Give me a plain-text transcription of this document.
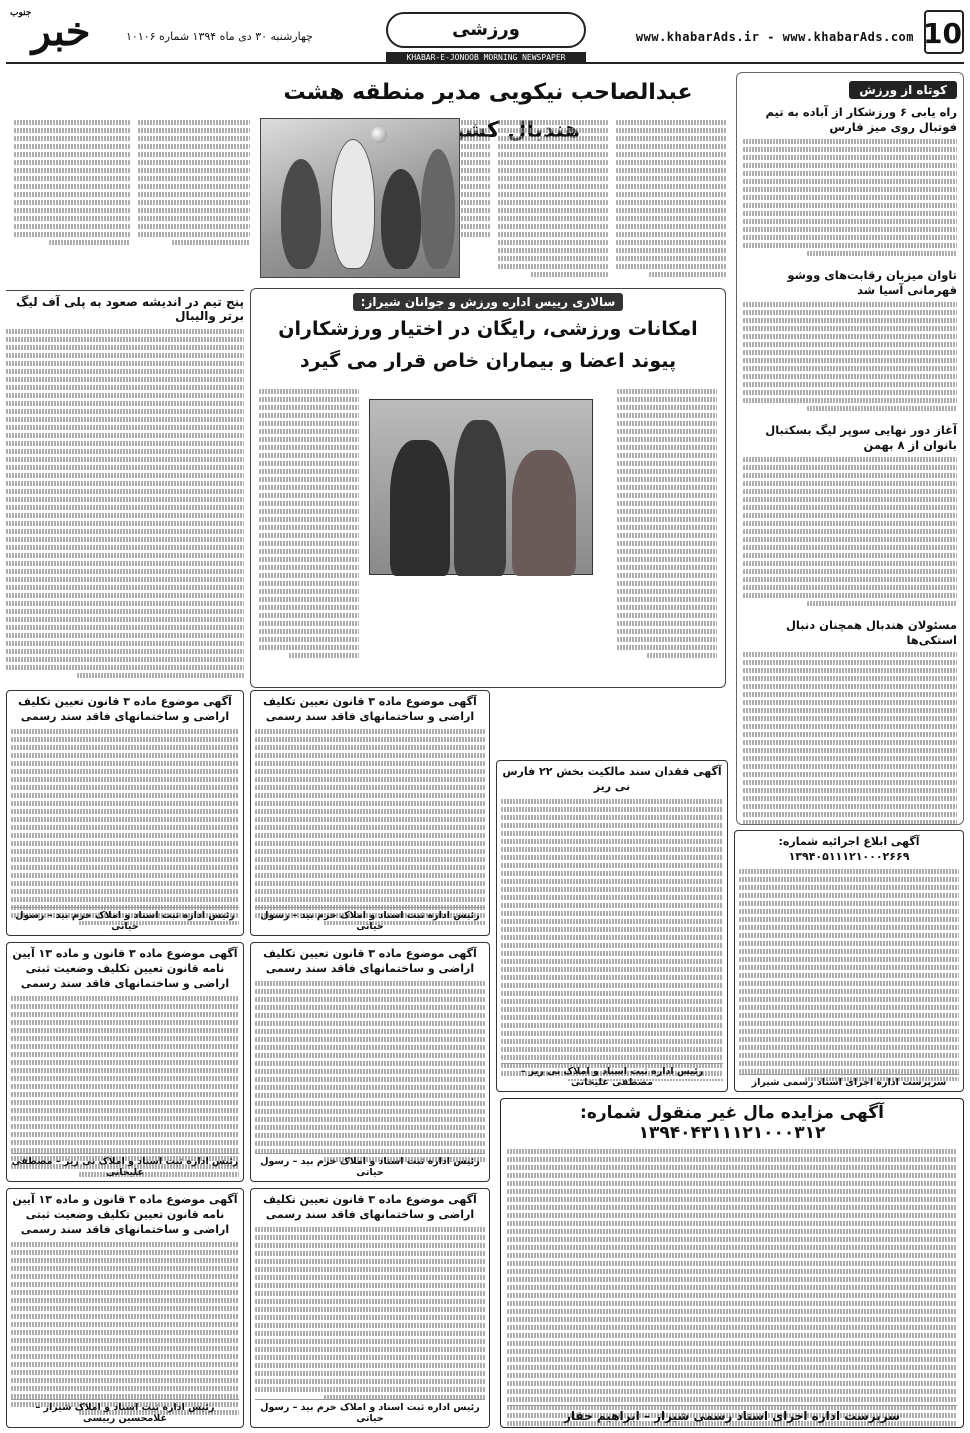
10
www.khabarAds.ir - www.khabarAds.com
ورزشی
KHABAR-E-JONOOB MORNING NEWSPAPER
چهارشنبه ۳۰ دی ماه ۱۳۹۴ شماره ۱۰۱۰۶
جنوب خبر
کوتاه از ورزش
راه یابی ۶ ورزشکار از آباده به تیم فوتبال روی میز فارس
تاوان میزبان رقابت‌های ووشو قهرمانی آسیا شد
آغاز دور نهایی سوپر لیگ بسکتبال بانوان از ۸ بهمن
مسئولان هندبال همچنان دنبال استکی‌ها
عبدالصاحب نیکویی مدیر منطقه هشت
پنج تیم در اندیشه صعود به پلی آف لیگ برتر والیبال
سالاری رییس اداره ورزش و جوانان شیراز:
امکانات ورزشی، رایگان در اختیار ورزشکاران
پیوند اعضا و بیماران خاص قرار می گیرد
آگهی موضوع ماده ۳ قانون تعیین تکلیف اراضی و ساختمانهای فاقد سند رسمی
رئیس اداره ثبت اسناد و املاک خرم بید – رسول حیاتی
آگهی موضوع ماده ۳ قانون تعیین تکلیف اراضی و ساختمانهای فاقد سند رسمی
رئیس اداره ثبت اسناد و املاک خرم بید – رسول حیاتی
آگهی فقدان سند مالکیت بخش ۲۲ فارس نی ریز
رئیس اداره ثبت اسناد و املاک نی ریز – مصطفی علیخانی
آگهی ابلاغ اجرائیه شماره: ۱۳۹۴۰۵۱۱۱۲۱۰۰۰۲۶۶۹
سرپرست اداره اجرای اسناد رسمی شیراز
آگهی موضوع ماده ۳ قانون و ماده ۱۳ آیین نامه قانون تعیین تکلیف وضعیت ثبتی اراضی و ساختمانهای فاقد سند رسمی
رئیس اداره ثبت اسناد و املاک نی ریز – مصطفی علیخانی
آگهی موضوع ماده ۳ قانون تعیین تکلیف اراضی و ساختمانهای فاقد سند رسمی
رئیس اداره ثبت اسناد و املاک خرم بید – رسول حیاتی
آگهی موضوع ماده ۳ قانون و ماده ۱۳ آیین نامه قانون تعیین تکلیف وضعیت ثبتی اراضی و ساختمانهای فاقد سند رسمی
رئیس اداره ثبت اسناد و املاک شیراز – غلامحسین رییسی
آگهی موضوع ماده ۳ قانون تعیین تکلیف اراضی و ساختمانهای فاقد سند رسمی
رئیس اداره ثبت اسناد و املاک خرم بید – رسول حیاتی
آگهی مزایده مال غیر منقول شماره: ۱۳۹۴۰۴۳۱۱۱۲۱۰۰۰۳۱۲
سرپرست اداره اجرای اسناد رسمی شیراز – ابراهیم حقار
